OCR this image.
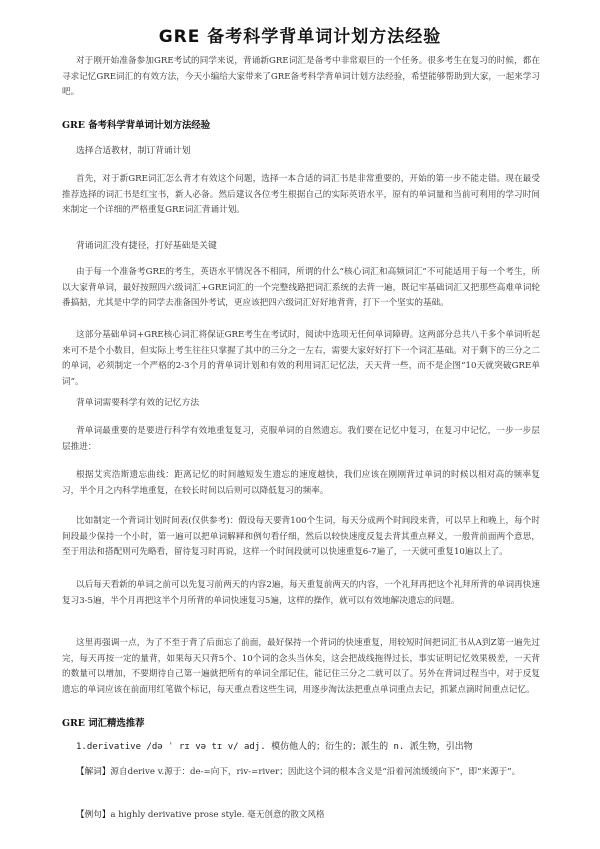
GRE 备考科学背单词计划方法经验

对于刚开始准备参加GRE考试的同学来说，背诵新GRE词汇是备考中非常艰巨的一个任务。很多考生在复习的时候，都在寻求记忆GRE词汇的有效方法，今天小编给大家带来了GRE备考科学背单词计划方法经验，希望能够帮助到大家，一起来学习吧。

GRE 备考科学背单词计划方法经验

选择合适教材，制订背诵计划

首先，对于新GRE词汇怎么背才有效这个问题，选择一本合适的词汇书是非常重要的，开始的第一步不能走错。现在最受推荐选择的词汇书是红宝书，新人必备。然后建议各位考生根据自己的实际英语水平，原有的单词量和当前可利用的学习时间来制定一个详细的严格重复GRE词汇背诵计划。

背诵词汇没有捷径，打好基础是关键

由于每一个准备考GRE的考生，英语水平情况各不相同，所谓的什么“核心词汇和高频词汇”不可能适用于每一个考生，所以大家背单词，最好按照四六级词汇+GRE词汇的一个完整线路把词汇系统的去背一遍，既记牢基础词汇又把那些高难单词轮番搞掂，尤其是中学的同学去准备国外考试，更应该把四六级词汇好好地背背，打下一个坚实的基础。

这部分基础单词+GRE核心词汇将保证GRE考生在考试时，阅读中选项无任何单词障碍。这两部分总共八千多个单词听起来可不是个小数目，但实际上考生往往只掌握了其中的三分之一左右，需要大家好好打下一个词汇基础。对于剩下的三分之二的单词，必须制定一个严格的2-3个月的背单词计划和有效的利用词汇记忆法，天天背一些，而不是企图“10天就突破GRE单词”。

背单词需要科学有效的记忆方法

背单词最重要的是要进行科学有效地重复复习，克服单词的自然遗忘。我们要在记忆中复习，在复习中记忆，一步一步层层推进：

根据艾宾浩斯遗忘曲线：距离记忆的时间越短发生遗忘的速度越快，我们应该在刚刚背过单词的时候以相对高的频率复习，半个月之内科学地重复，在较长时间以后则可以降低复习的频率。

比如制定一个背词计划时间表(仅供参考)：假设每天要背100个生词，每天分成两个时间段来背，可以早上和晚上，每个时间段最少保持一个小时，第一遍可以把单词解释和例句看仔细，然后以较快速度反复去背其重点释义，一般背前面两个意思，至于用法和搭配则可先略看，留待复习时再说，这样一个时间段就可以快速重复6-7遍了，一天就可重复10遍以上了。

以后每天看新的单词之前可以先复习前两天的内容2遍，每天重复前两天的内容，一个礼拜再把这个礼拜所背的单词再快速复习3-5遍，半个月再把这半个月所背的单词快速复习5遍，这样的操作，就可以有效地解决遗忘的问题。

这里再强调一点，为了不至于背了后面忘了前面，最好保持一个背词的快速重复，用较短时间把词汇书从A到Z第一遍先过完，每天再按一定的量背，如果每天只背5个、10个词的念头当休矣，这会把战线拖得过长，事实证明记忆效果极差，一天背的数量可以增加，不要期待自己第一遍就把所有的单词全部记住，能记住三分之二就可以了。另外在背词过程当中，对于反复遗忘的单词应该在前面用红笔做个标记，每天重点看这些生词，用逐步淘汰法把重点单词重点去记，抓紧点滴时间重点记忆。

GRE 词汇精选推荐

1.derivative /də ˈ rɪ və tɪ v/ adj. 模仿他人的；衍生的；派生的 n. 派生物，引出物

【解词】源自derive v.源于：de-=向下，riv-=river；因此这个词的根本含义是“沿着河流缓缓向下”，即“来源于”。

【例句】a highly derivative prose style. 毫无创意的散文风格
